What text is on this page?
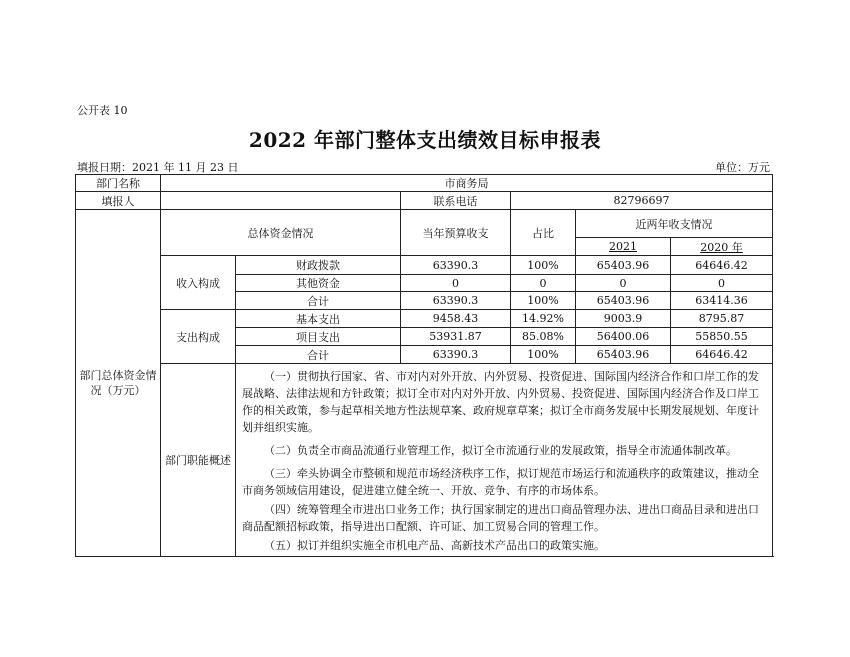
公开表 10
2022 年部门整体支出绩效目标申报表
填报日期：2021 年 11 月 23 日	单位：万元
部门名称	市商务局					
填报人			联系电话	82796697		
部门总体资金情况（万元）	总体资金情况		当年预算收支	占比	近两年收支情况	
					2021	2020 年
	收入构成	财政拨款	63390.3	100%	65403.96	64646.42
		其他资金	0	0	0	0
		合计	63390.3	100%	65403.96	63414.36
	支出构成	基本支出	9458.43	14.92%	9003.9	8795.87
		项目支出	53931.87	85.08%	56400.06	55850.55
		合计	63390.3	100%	65403.96	64646.42
	部门职能概述	（一）贯彻执行国家、省、市对内对外开放、内外贸易、投资促进、国际国内经济合作和口岸工作的发展战略、法律法规和方针政策；拟订全市对内对外开放、内外贸易、投资促进、国际国内经济合作及口岸工作的相关政策，参与起草相关地方性法规草案、政府规章草案；拟订全市商务发展中长期发展规划、年度计划并组织实施。

（二）负责全市商品流通行业管理工作，拟订全市流通行业的发展政策，指导全市流通体制改革。

（三）牵头协调全市整顿和规范市场经济秩序工作，拟订规范市场运行和流通秩序的政策建议，推动全市商务领域信用建设，促进建立健全统一、开放、竞争、有序的市场体系。

（四）统筹管理全市进出口业务工作；执行国家制定的进出口商品管理办法、进出口商品目录和进出口商品配额招标政策，指导进出口配额、许可证、加工贸易合同的管理工作。

（五）拟订并组织实施全市机电产品、高新技术产品出口的政策实施。				
